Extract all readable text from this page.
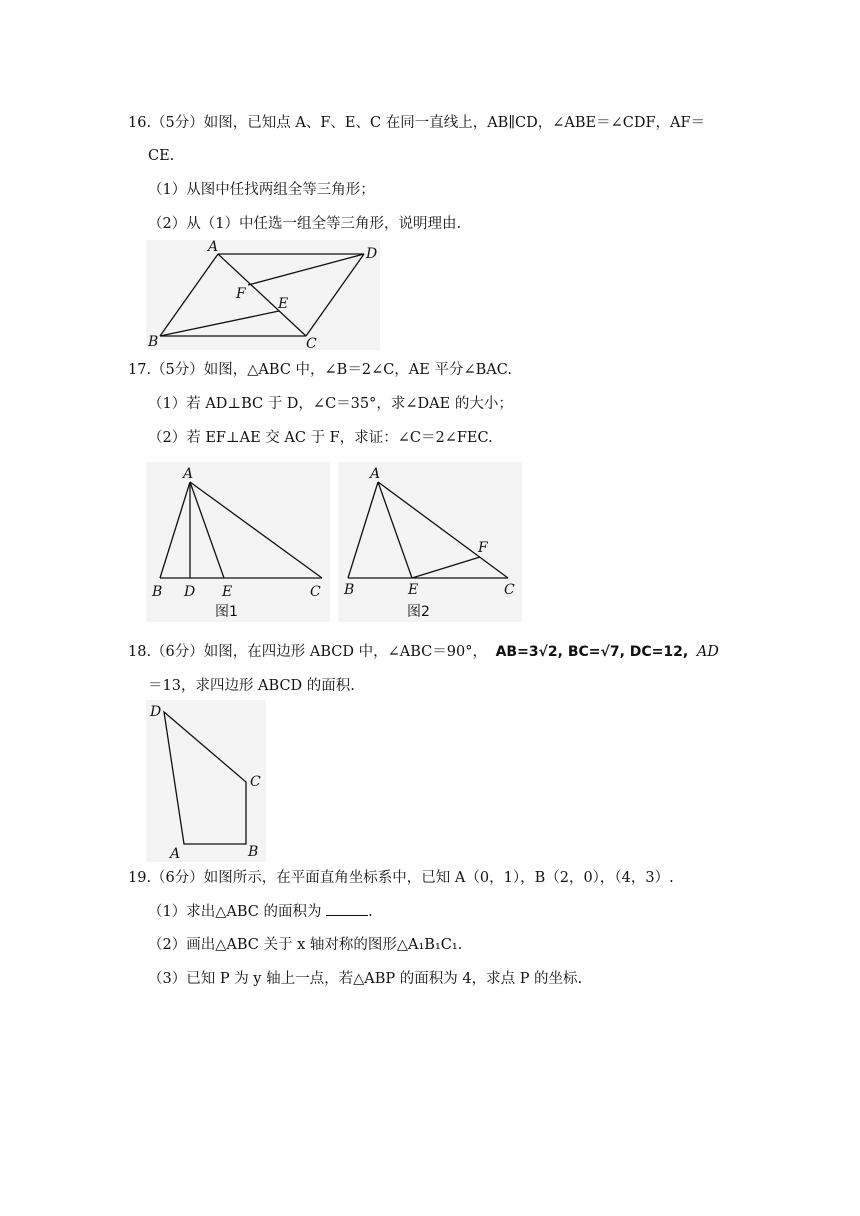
16.（5分）如图，已知点 A、F、E、C 在同一直线上，AB∥CD，∠ABE＝∠CDF，AF＝
CE.
（1）从图中任找两组全等三角形；
（2）从（1）中任选一组全等三角形，说明理由.
A	D
F
E
B	C
17.（5分）如图，△ABC 中，∠B＝2∠C，AE 平分∠BAC.
（1）若 AD⊥BC 于 D，∠C＝35°，求∠DAE 的大小；
（2）若 EF⊥AE 交 AC 于 F，求证：∠C＝2∠FEC.
A
B D E	C
图1
A
F
B	E	C
图2
18.（6分）如图，在四边形 ABCD 中，∠ABC＝90°， AB=3√2, BC=√7, DC=12, AD
＝13，求四边形 ABCD 的面积.
D
C
A	B
19.（6分）如图所示，在平面直角坐标系中，已知 A（0，1），B（2，0），（4，3）.
（1）求出△ABC 的面积为	.
（2）画出△ABC 关于 x 轴对称的图形△A₁B₁C₁.
（3）已知 P 为 y 轴上一点，若△ABP 的面积为 4，求点 P 的坐标.
